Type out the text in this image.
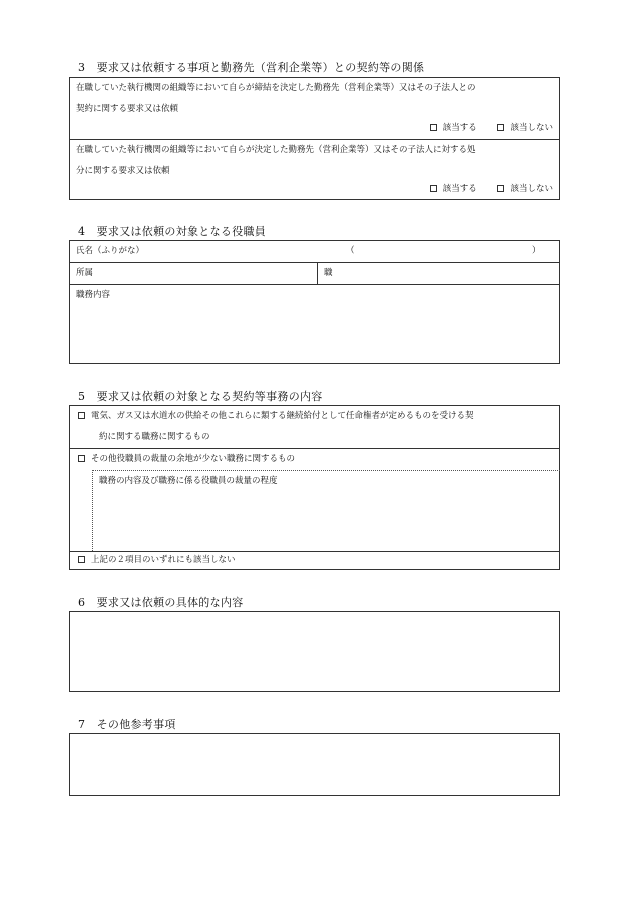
3　要求又は依頼する事項と勤務先（営利企業等）との契約等の関係
在職していた執行機関の組織等において自らが締結を決定した勤務先（営利企業等）又はその子法人との
契約に関する要求又は依頼
該当する	該当しない
在職していた執行機関の組織等において自らが決定した勤務先（営利企業等）又はその子法人に対する処
分に関する要求又は依頼
該当する	該当しない
4　要求又は依頼の対象となる役職員
氏名（ふりがな）	（	）
所属	職
職務内容
5　要求又は依頼の対象となる契約等事務の内容
電気、ガス又は水道水の供給その他これらに類する継続給付として任命権者が定めるものを受ける契
約に関する職務に関するもの
その他役職員の裁量の余地が少ない職務に関するもの
職務の内容及び職務に係る役職員の裁量の程度
上記の２項目のいずれにも該当しない
6　要求又は依頼の具体的な内容
7　その他参考事項
